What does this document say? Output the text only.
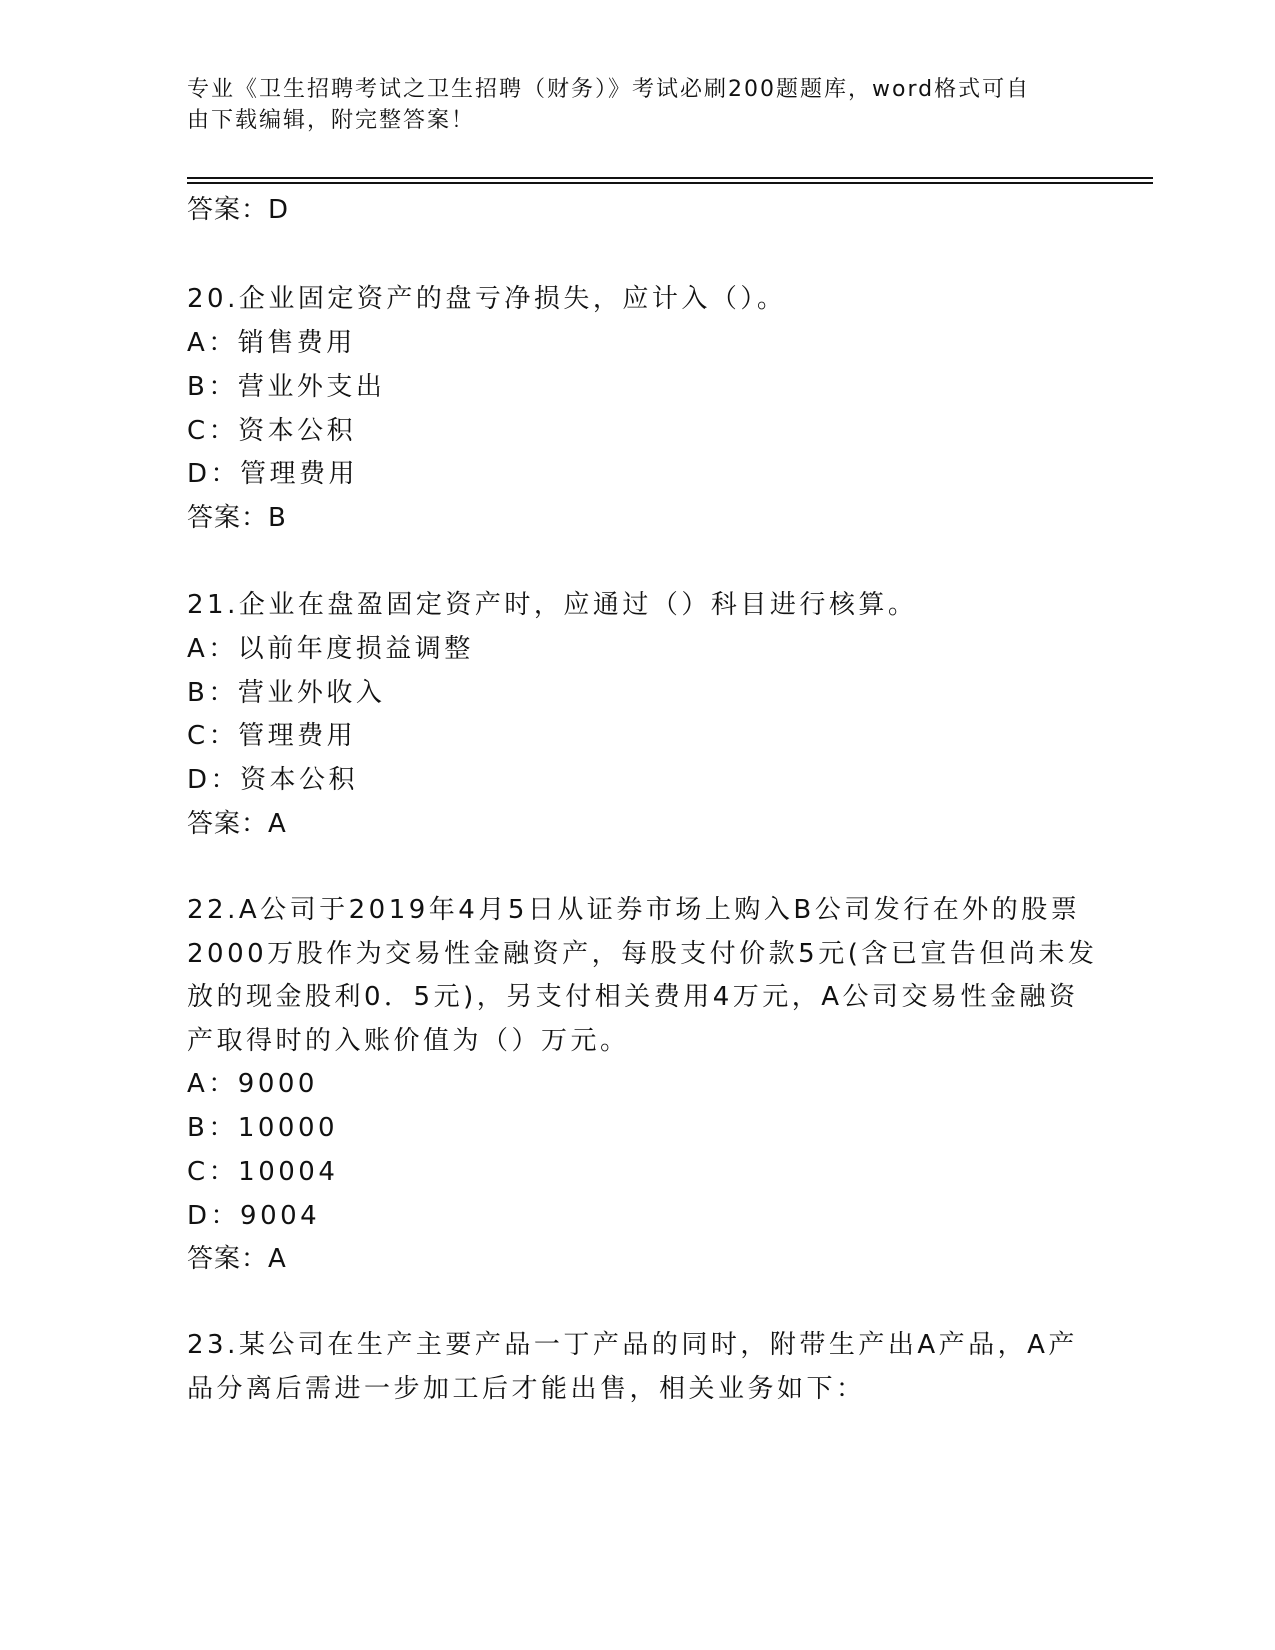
专业《卫生招聘考试之卫生招聘（财务）》考试必刷200题题库，word格式可自
由下载编辑，附完整答案！
答案：D
20.企业固定资产的盘亏净损失，应计入（）。
A：销售费用
B：营业外支出
C：资本公积
D：管理费用
答案：B
21.企业在盘盈固定资产时，应通过（）科目进行核算。
A：以前年度损益调整
B：营业外收入
C：管理费用
D：资本公积
答案：A
22.A公司于2019年4月5日从证券市场上购入B公司发行在外的股票
2000万股作为交易性金融资产，每股支付价款5元(含已宣告但尚未发
放的现金股利0．5元)，另支付相关费用4万元，A公司交易性金融资
产取得时的入账价值为（）万元。
A：9000
B：10000
C：10004
D：9004
答案：A
23.某公司在生产主要产品一丁产品的同时，附带生产出A产品，A产
品分离后需进一步加工后才能出售，相关业务如下：
